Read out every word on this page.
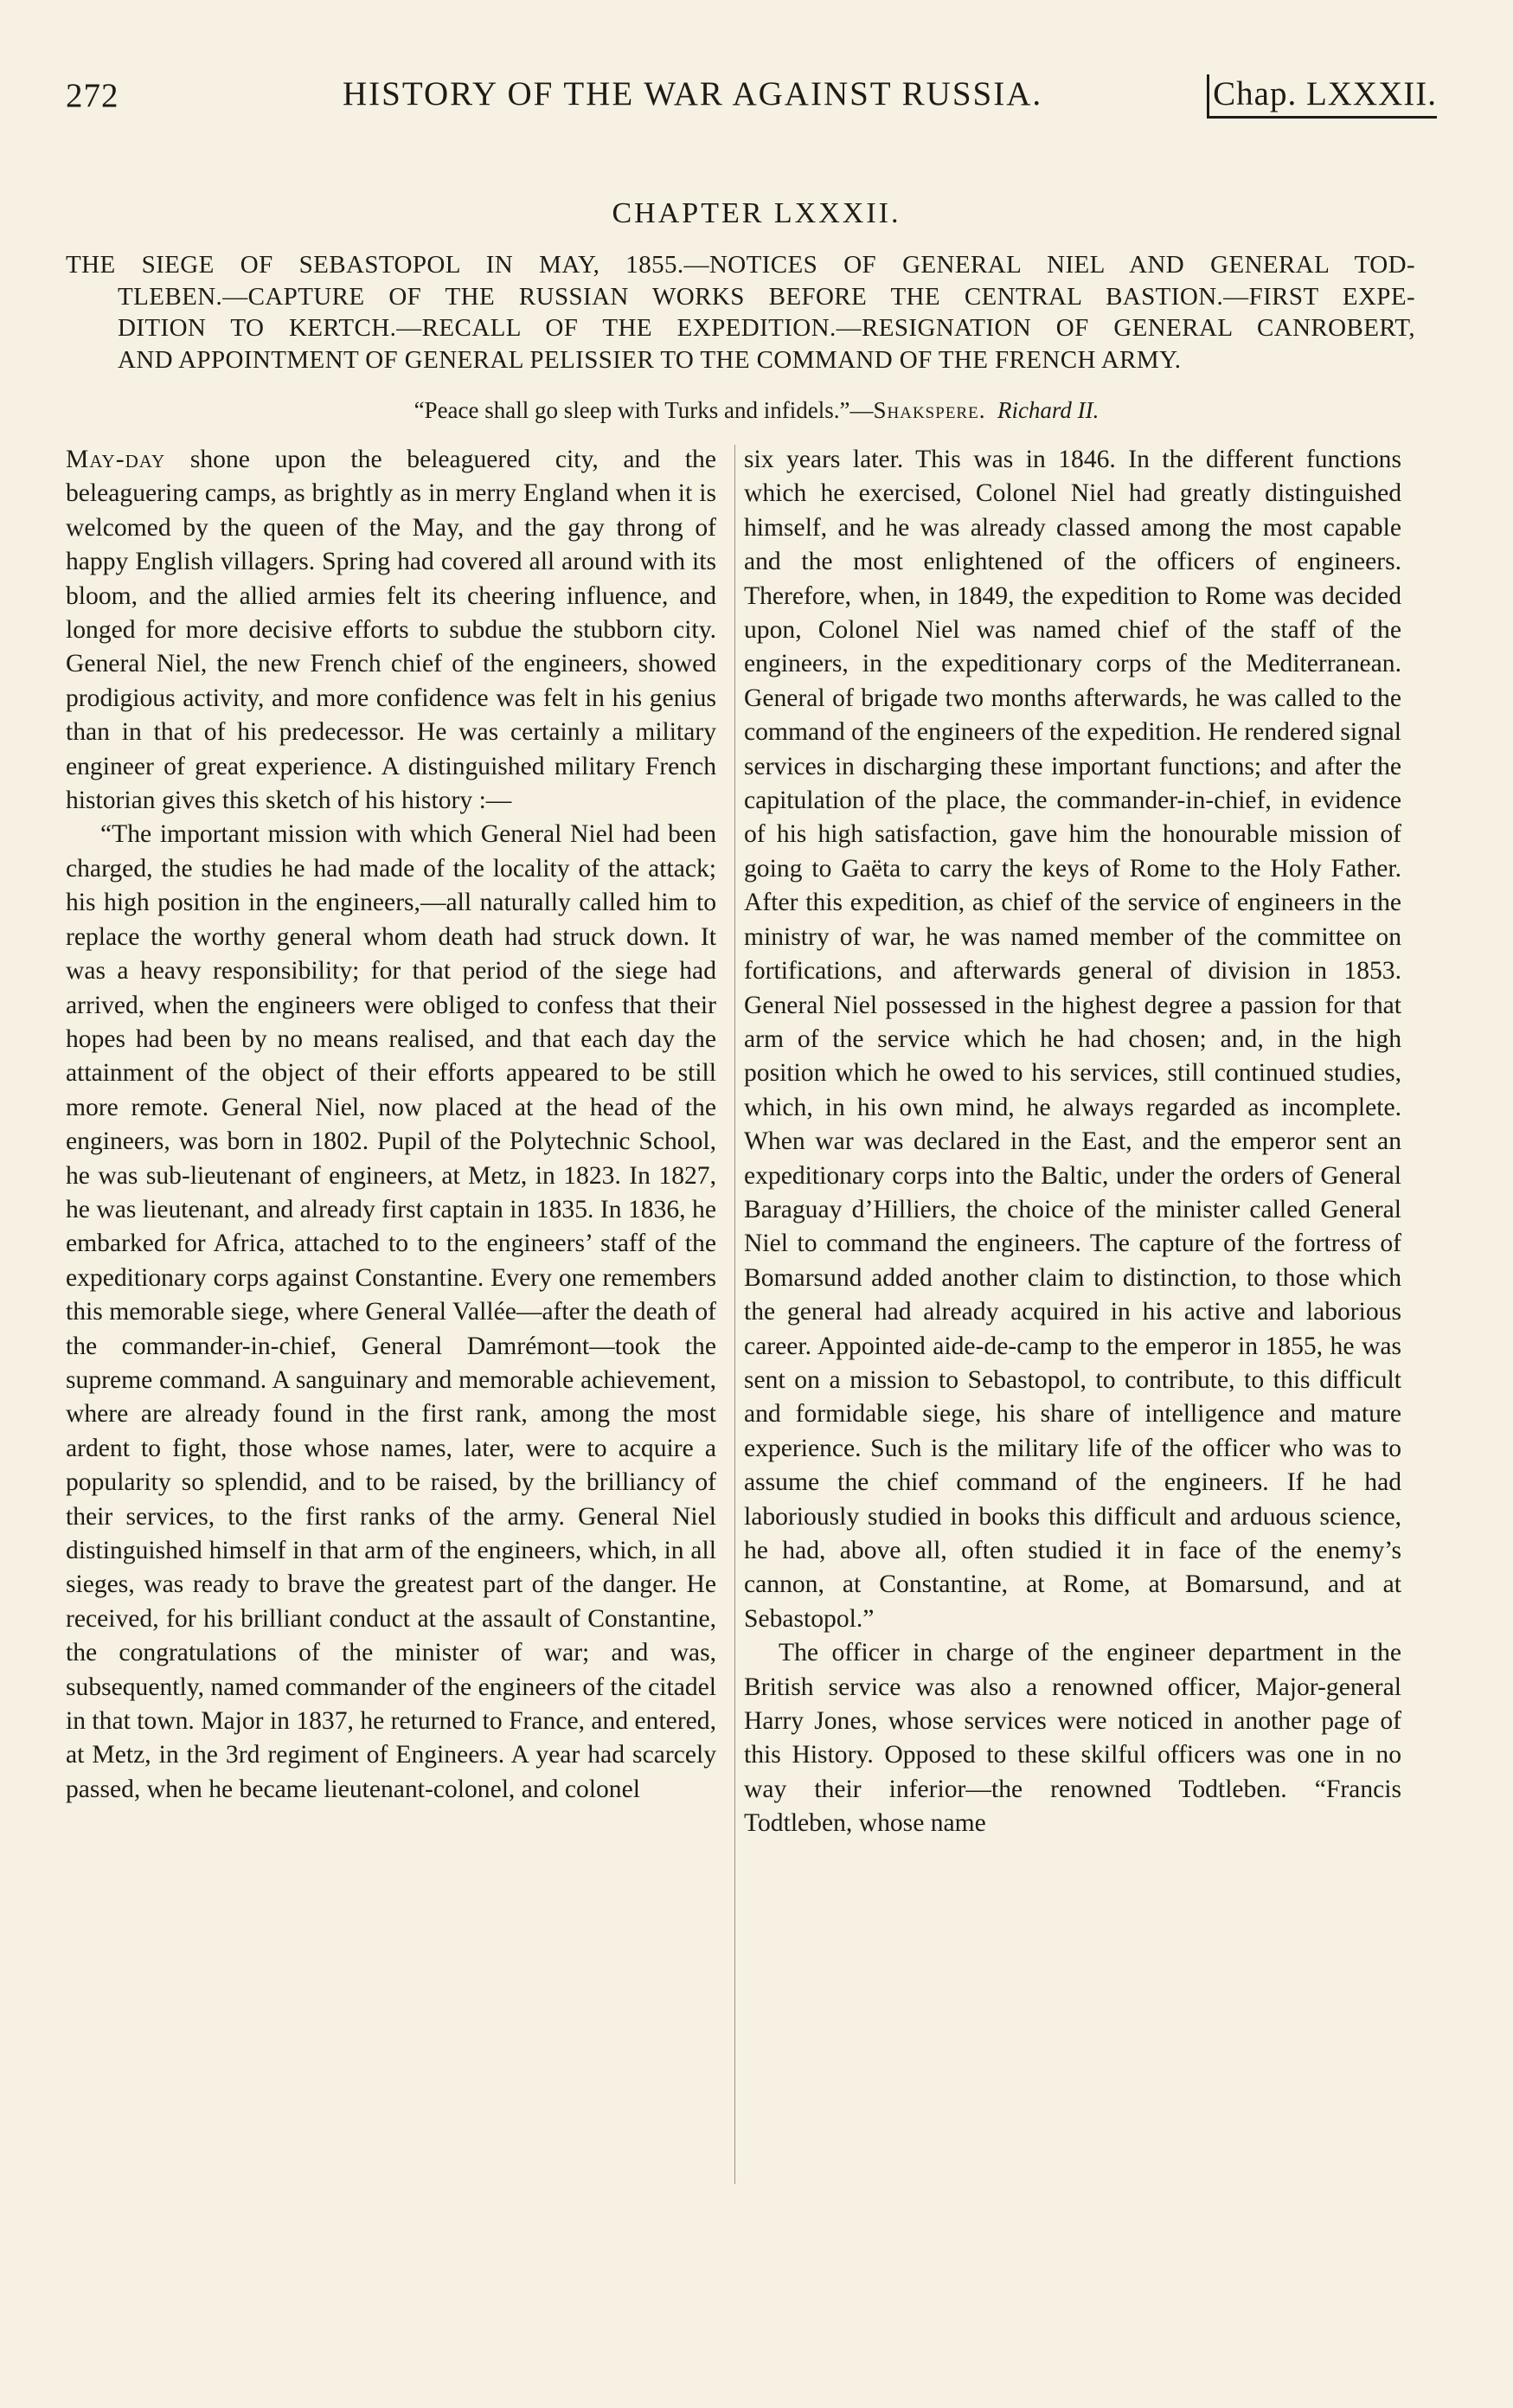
272	HISTORY OF THE WAR AGAINST RUSSIA.	Chap. LXXXII.
CHAPTER LXXXII.
THE SIEGE OF SEBASTOPOL IN MAY, 1855.—NOTICES OF GENERAL NIEL AND GENERAL TOD-
TLEBEN.—CAPTURE OF THE RUSSIAN WORKS BEFORE THE CENTRAL BASTION.—FIRST EXPE-
DITION TO KERTCH.—RECALL OF THE EXPEDITION.—RESIGNATION OF GENERAL CANROBERT,
AND APPOINTMENT OF GENERAL PELISSIER TO THE COMMAND OF THE FRENCH ARMY.
“Peace shall go sleep with Turks and infidels.”—Shakspere. Richard II.

May-day shone upon the beleaguered city, and the beleaguering camps, as brightly as in merry England when it is welcomed by the queen of the May, and the gay throng of happy English villagers. Spring had covered all around with its bloom, and the allied armies felt its cheering influence, and longed for more decisive efforts to subdue the stubborn city. General Niel, the new French chief of the engineers, showed prodigious activity, and more confidence was felt in his genius than in that of his predecessor. He was certainly a military engineer of great experience. A distinguished military French historian gives this sketch of his history :—

“The important mission with which General Niel had been charged, the studies he had made of the locality of the attack; his high position in the engineers,—all naturally called him to replace the worthy general whom death had struck down. It was a heavy responsibility; for that period of the siege had arrived, when the engineers were obliged to confess that their hopes had been by no means realised, and that each day the attainment of the object of their efforts appeared to be still more remote. General Niel, now placed at the head of the engineers, was born in 1802. Pupil of the Polytechnic School, he was sub-lieutenant of engineers, at Metz, in 1823. In 1827, he was lieutenant, and already first captain in 1835. In 1836, he embarked for Africa, attached to to the engineers’ staff of the expeditionary corps against Constantine. Every one remembers this memorable siege, where General Vallée—after the death of the commander-in-chief, General Damrémont—took the supreme command. A sanguinary and memorable achievement, where are already found in the first rank, among the most ardent to fight, those whose names, later, were to acquire a popularity so splendid, and to be raised, by the brilliancy of their services, to the first ranks of the army. General Niel distinguished himself in that arm of the engineers, which, in all sieges, was ready to brave the greatest part of the danger. He received, for his brilliant conduct at the assault of Constantine, the congratulations of the minister of war; and was, subsequently, named commander of the engineers of the citadel in that town. Major in 1837, he returned to France, and entered, at Metz, in the 3rd regiment of Engineers. A year had scarcely passed, when he became lieutenant-colonel, and colonel

six years later. This was in 1846. In the different functions which he exercised, Colonel Niel had greatly distinguished himself, and he was already classed among the most capable and the most enlightened of the officers of engineers. Therefore, when, in 1849, the expedition to Rome was decided upon, Colonel Niel was named chief of the staff of the engineers, in the expeditionary corps of the Mediterranean. General of brigade two months afterwards, he was called to the command of the engineers of the expedition. He rendered signal services in discharging these important functions; and after the capitulation of the place, the commander-in-chief, in evidence of his high satisfaction, gave him the honourable mission of going to Gaëta to carry the keys of Rome to the Holy Father. After this expedition, as chief of the service of engineers in the ministry of war, he was named member of the committee on fortifications, and afterwards general of division in 1853. General Niel possessed in the highest degree a passion for that arm of the service which he had chosen; and, in the high position which he owed to his services, still continued studies, which, in his own mind, he always regarded as incomplete. When war was declared in the East, and the emperor sent an expeditionary corps into the Baltic, under the orders of General Baraguay d’Hilliers, the choice of the minister called General Niel to command the engineers. The capture of the fortress of Bomarsund added another claim to distinction, to those which the general had already acquired in his active and laborious career. Appointed aide-de-camp to the emperor in 1855, he was sent on a mission to Sebastopol, to contribute, to this difficult and formidable siege, his share of intelligence and mature experience. Such is the military life of the officer who was to assume the chief command of the engineers. If he had laboriously studied in books this difficult and arduous science, he had, above all, often studied it in face of the enemy’s cannon, at Constantine, at Rome, at Bomarsund, and at Sebastopol.”

The officer in charge of the engineer department in the British service was also a renowned officer, Major-general Harry Jones, whose services were noticed in another page of this History. Opposed to these skilful officers was one in no way their inferior—the renowned Todtleben. “Francis Todtleben, whose name
